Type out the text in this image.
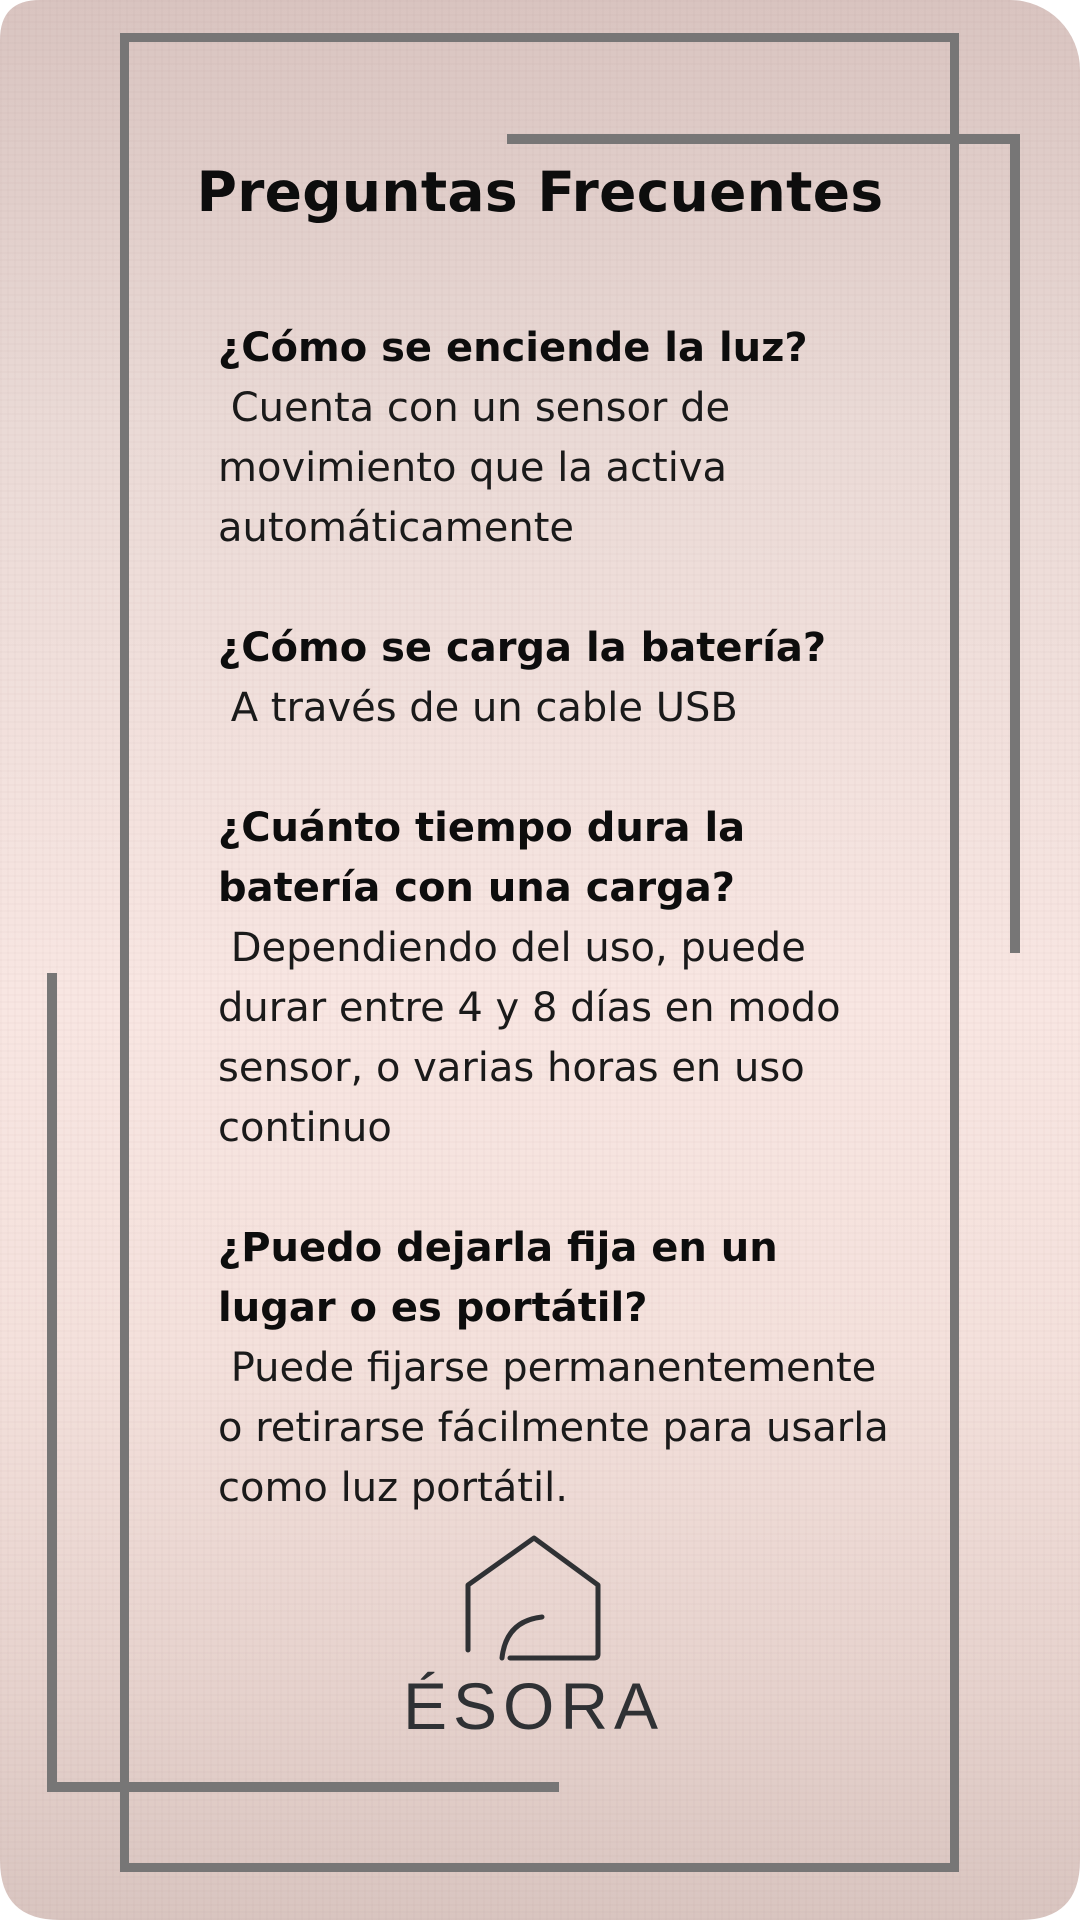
Preguntas Frecuentes
¿Cómo se enciende la luz?
Cuenta con un sensor de movimiento que la activa automáticamente
¿Cómo se carga la batería?
A través de un cable USB
¿Cuánto tiempo dura la batería con una carga?
Dependiendo del uso, puede durar entre 4 y 8 días en modo sensor, o varias horas en uso continuo
¿Puedo dejarla fija en un lugar o es portátil?
Puede fijarse permanentemente o retirarse fácilmente para usarla como luz portátil.
ÉSORA
